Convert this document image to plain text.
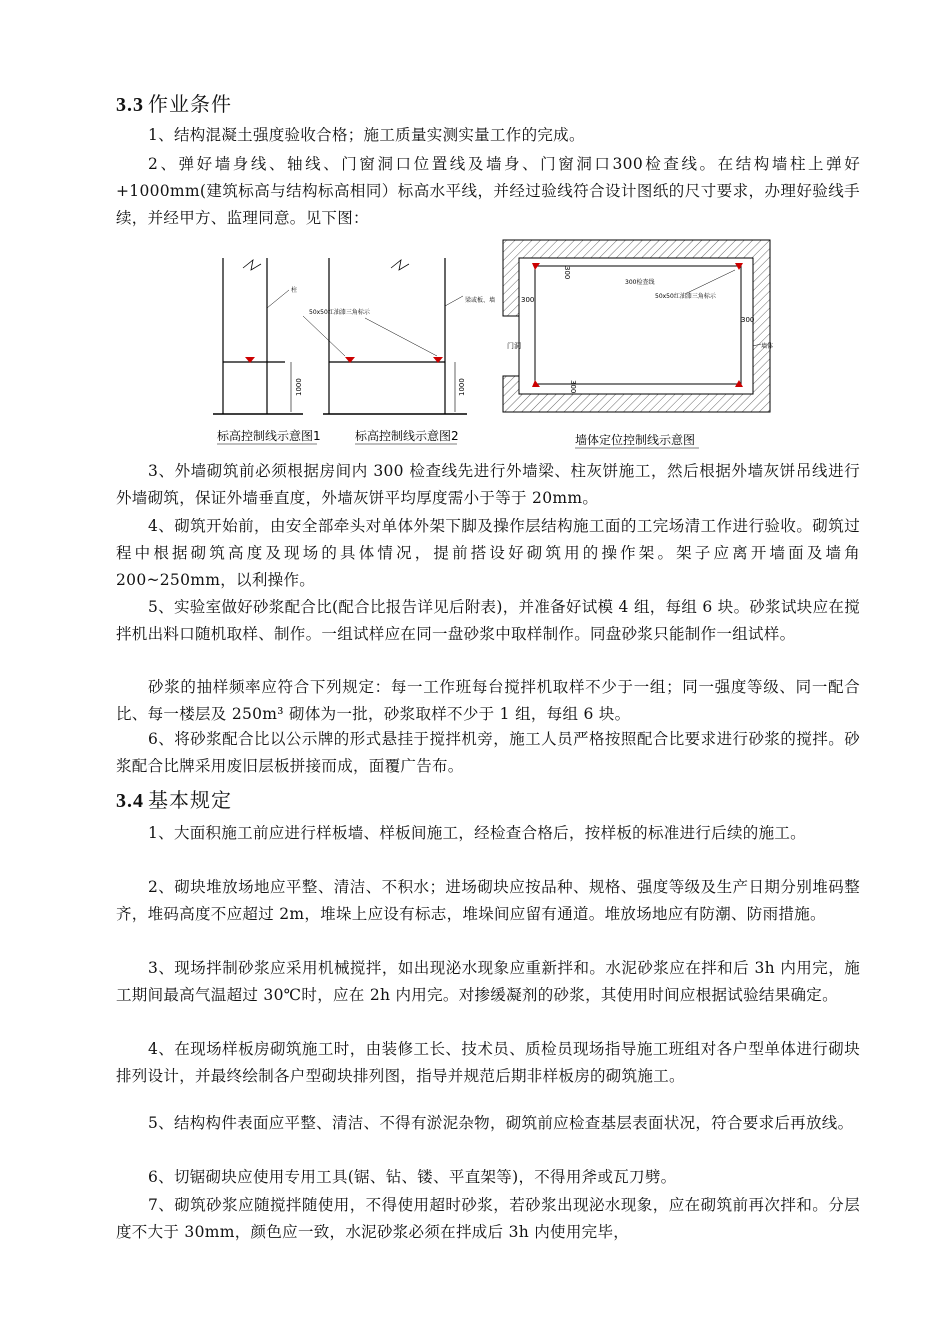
3.3 作业条件
1、结构混凝土强度验收合格；施工质量实测实量工作的完成。
2、弹好墙身线、轴线、门窗洞口位置线及墙身、门窗洞口300检查线。在结构墙柱上弹好+1000mm(建筑标高与结构标高相同）标高水平线，并经过验线符合设计图纸的尺寸要求，办理好验线手续，并经甲方、监理同意。见下图：
柱
1000
标高控制线示意图1
50x50红油漆三角标示
梁或板、墙
1000
标高控制线示意图2
300
300
300
300
300检查线
50x50红油漆三角标示
门洞	墙体
墙体定位控制线示意图
3、外墙砌筑前必须根据房间内 300 检查线先进行外墙梁、柱灰饼施工，然后根据外墙灰饼吊线进行外墙砌筑，保证外墙垂直度，外墙灰饼平均厚度需小于等于 20mm。
4、砌筑开始前，由安全部牵头对单体外架下脚及操作层结构施工面的工完场清工作进行验收。砌筑过程中根据砌筑高度及现场的具体情况，提前搭设好砌筑用的操作架。架子应离开墙面及墙角 200~250mm，以利操作。
5、实验室做好砂浆配合比(配合比报告详见后附表)，并准备好试模 4 组，每组 6 块。砂浆试块应在搅拌机出料口随机取样、制作。一组试样应在同一盘砂浆中取样制作。同盘砂浆只能制作一组试样。
砂浆的抽样频率应符合下列规定：每一工作班每台搅拌机取样不少于一组；同一强度等级、同一配合比、每一楼层及 250m³ 砌体为一批，砂浆取样不少于 1 组，每组 6 块。
6、将砂浆配合比以公示牌的形式悬挂于搅拌机旁，施工人员严格按照配合比要求进行砂浆的搅拌。砂浆配合比牌采用废旧层板拼接而成，面覆广告布。
3.4 基本规定
1、大面积施工前应进行样板墙、样板间施工，经检查合格后，按样板的标准进行后续的施工。
2、砌块堆放场地应平整、清洁、不积水；进场砌块应按品种、规格、强度等级及生产日期分别堆码整齐，堆码高度不应超过 2m，堆垛上应设有标志，堆垛间应留有通道。堆放场地应有防潮、防雨措施。
3、现场拌制砂浆应采用机械搅拌，如出现泌水现象应重新拌和。水泥砂浆应在拌和后 3h 内用完，施工期间最高气温超过 30℃时，应在 2h 内用完。对掺缓凝剂的砂浆，其使用时间应根据试验结果确定。
4、在现场样板房砌筑施工时，由装修工长、技术员、质检员现场指导施工班组对各户型单体进行砌块排列设计，并最终绘制各户型砌块排列图，指导并规范后期非样板房的砌筑施工。
5、结构构件表面应平整、清洁、不得有淤泥杂物，砌筑前应检查基层表面状况，符合要求后再放线。
6、切锯砌块应使用专用工具(锯、钻、镂、平直架等)，不得用斧或瓦刀劈。
7、砌筑砂浆应随搅拌随使用，不得使用超时砂浆，若砂浆出现泌水现象，应在砌筑前再次拌和。分层度不大于 30mm，颜色应一致，水泥砂浆必须在拌成后 3h 内使用完毕，
